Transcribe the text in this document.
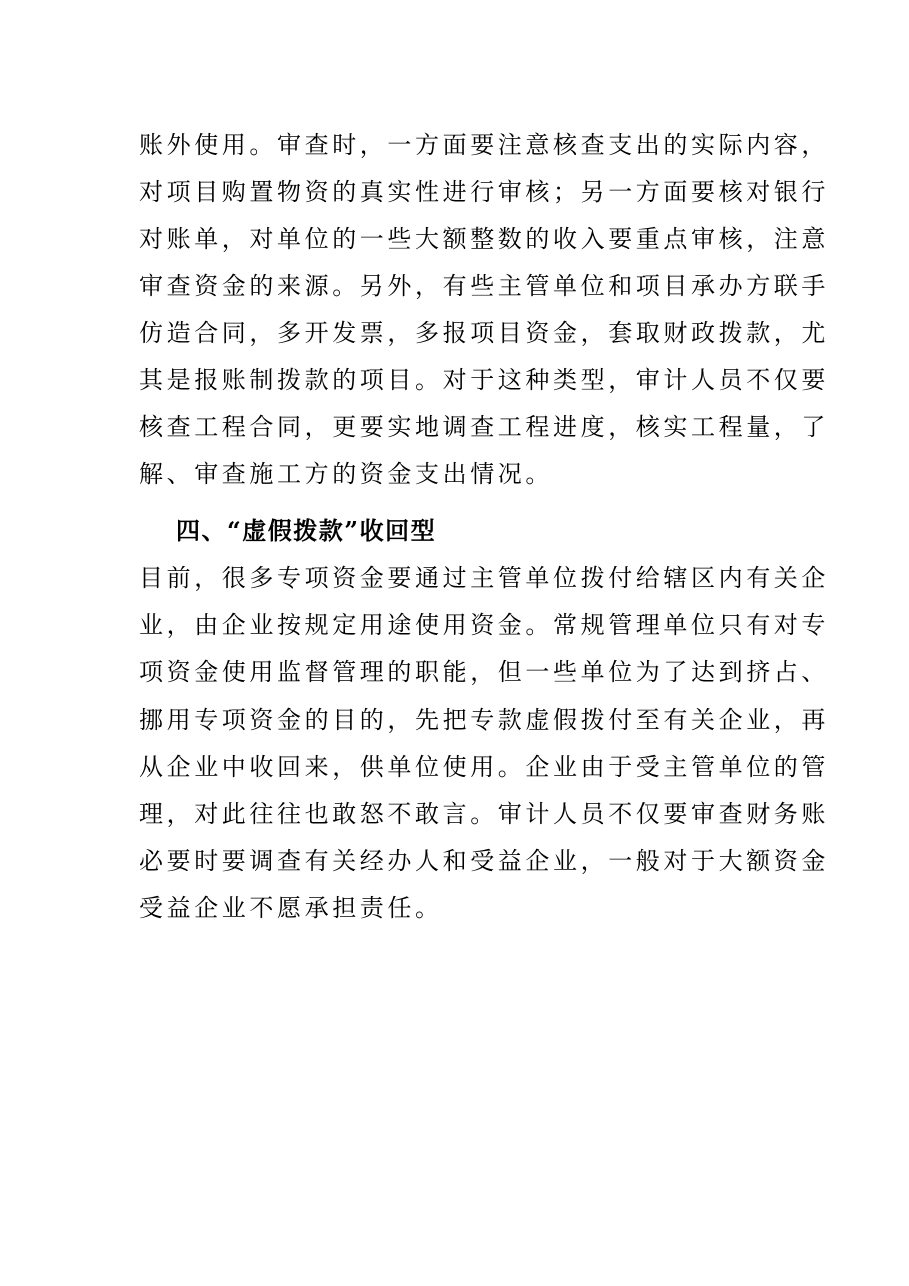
账外使用。审查时，一方面要注意核查支出的实际内容，
对项目购置物资的真实性进行审核；另一方面要核对银行
对账单，对单位的一些大额整数的收入要重点审核，注意
审查资金的来源。另外，有些主管单位和项目承办方联手
仿造合同，多开发票，多报项目资金，套取财政拨款，尤
其是报账制拨款的项目。对于这种类型，审计人员不仅要
核查工程合同，更要实地调查工程进度，核实工程量，了
解、审查施工方的资金支出情况。
四、“虚假拨款”收回型
目前，很多专项资金要通过主管单位拨付给辖区内有关企
业，由企业按规定用途使用资金。常规管理单位只有对专
项资金使用监督管理的职能，但一些单位为了达到挤占、
挪用专项资金的目的，先把专款虚假拨付至有关企业，再
从企业中收回来，供单位使用。企业由于受主管单位的管
理，对此往往也敢怒不敢言。审计人员不仅要审查财务账
必要时要调查有关经办人和受益企业，一般对于大额资金
受益企业不愿承担责任。
